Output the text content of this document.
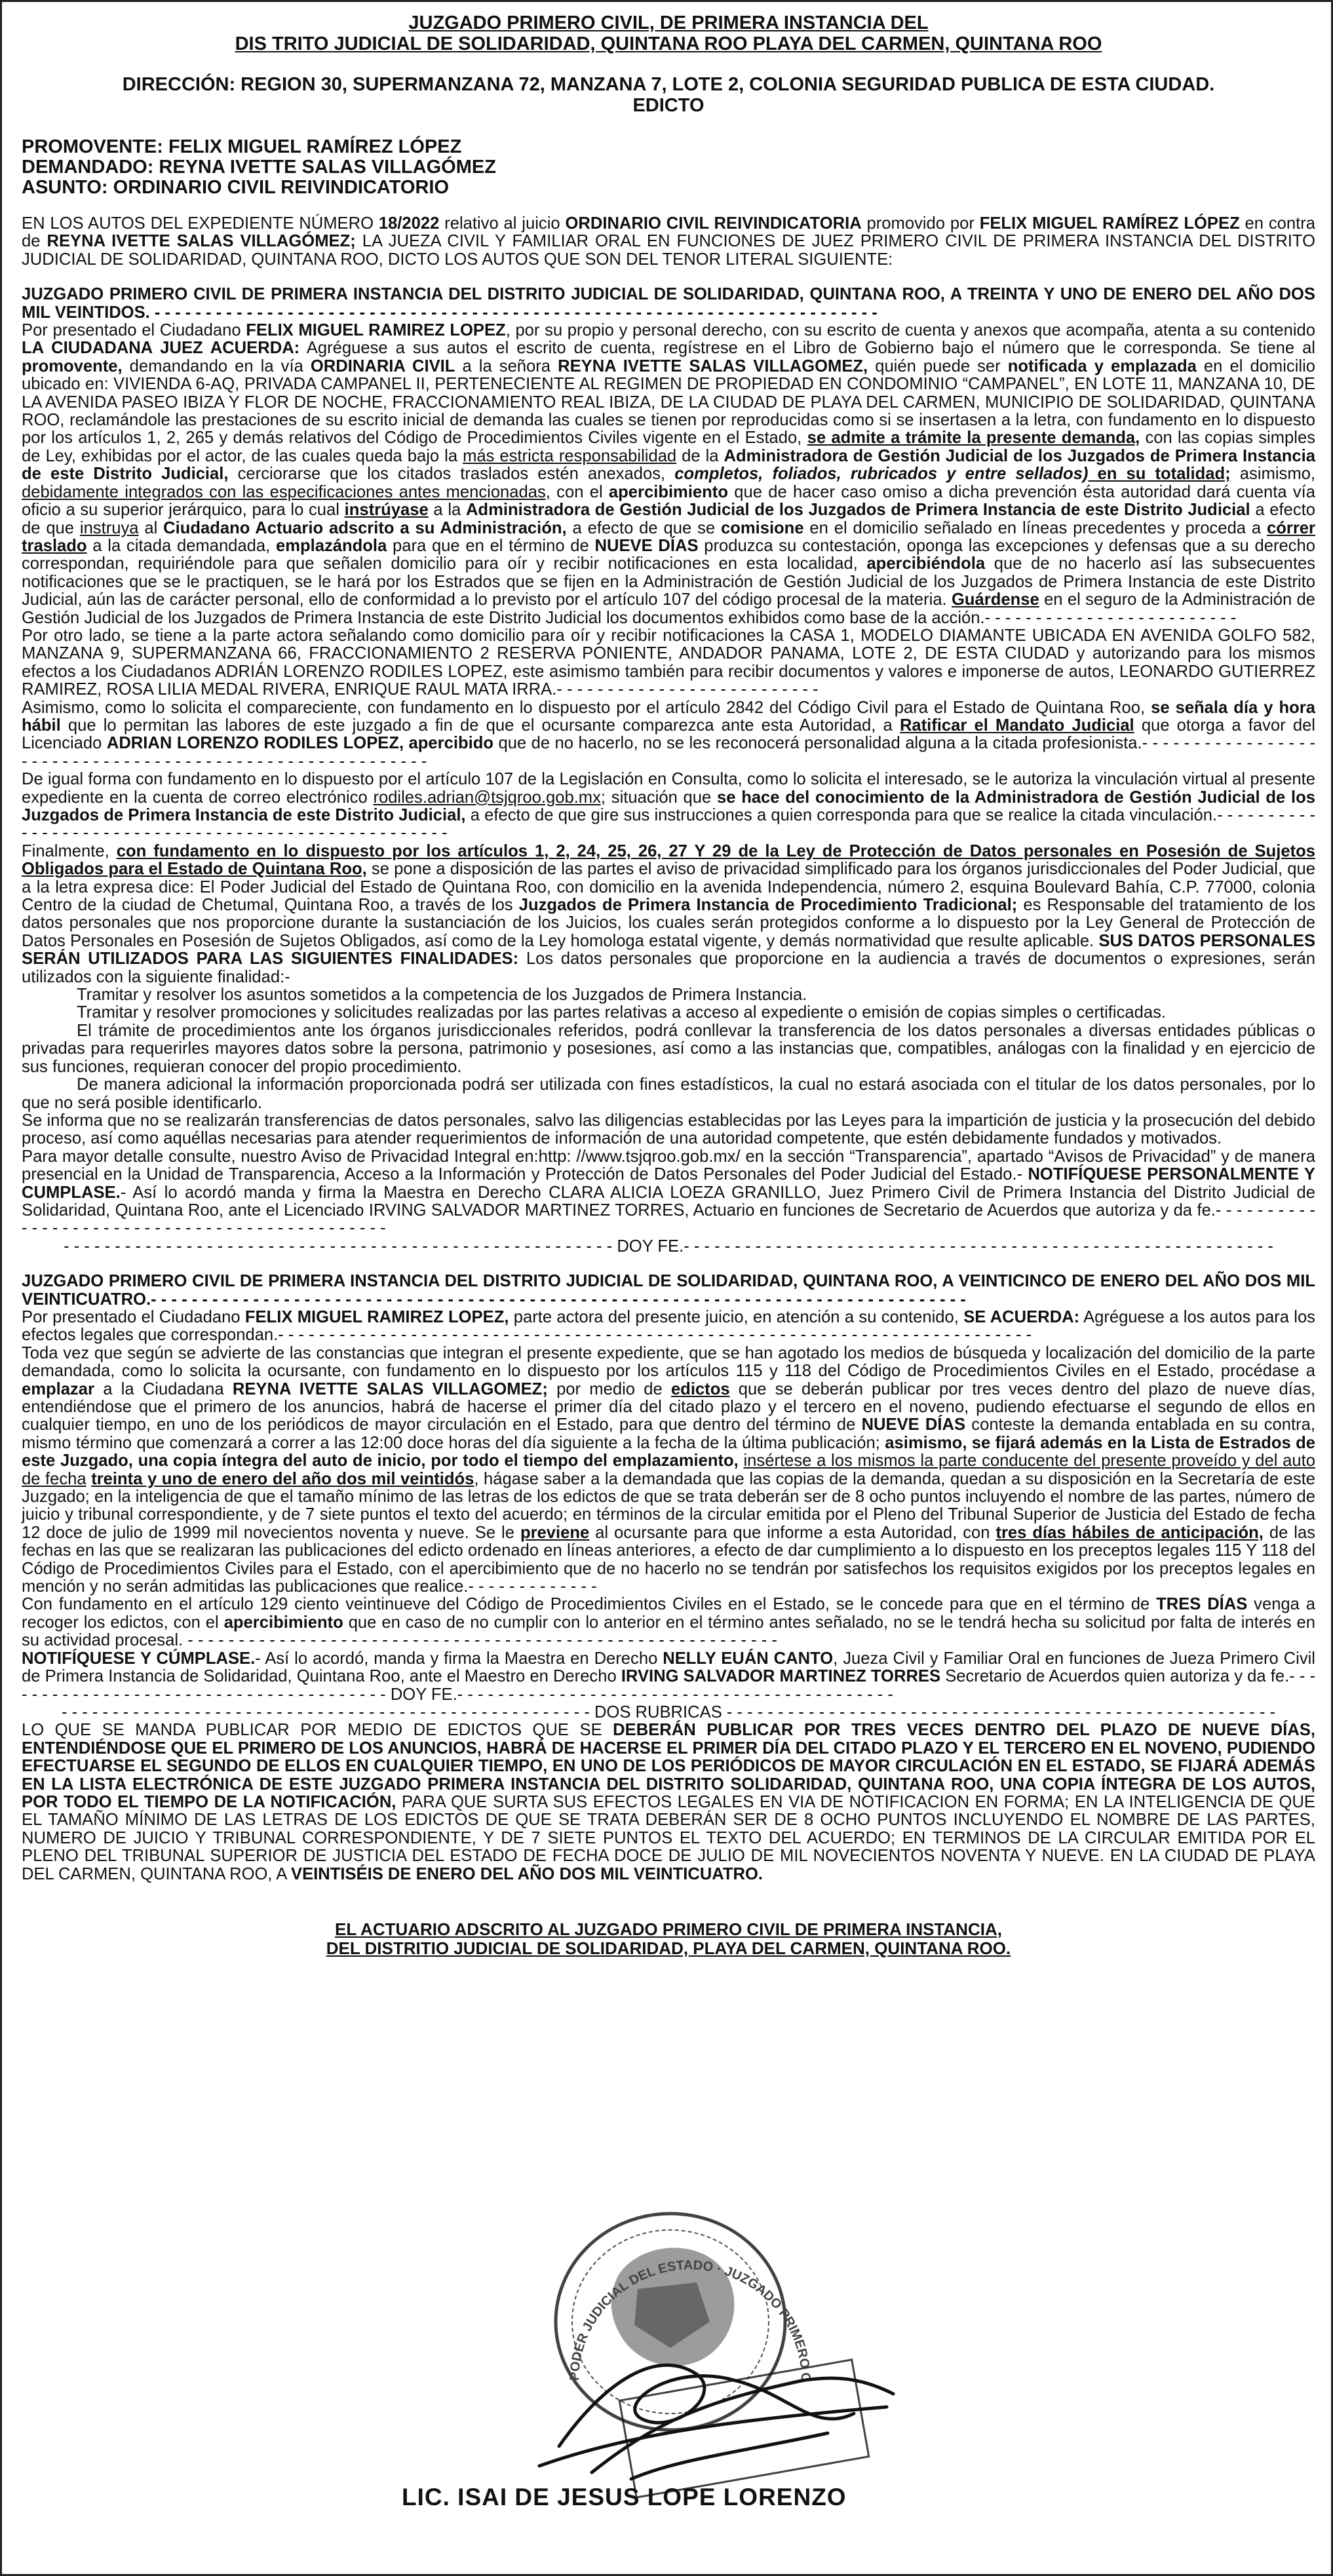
JUZGADO PRIMERO CIVIL, DE PRIMERA INSTANCIA DEL
DIS TRITO JUDICIAL DE SOLIDARIDAD, QUINTANA ROO PLAYA DEL CARMEN, QUINTANA ROO
DIRECCIÓN: REGION 30, SUPERMANZANA 72, MANZANA 7, LOTE 2, COLONIA SEGURIDAD PUBLICA DE ESTA CIUDAD.
EDICTO
PROMOVENTE: FELIX MIGUEL RAMÍREZ LÓPEZ
DEMANDADO: REYNA IVETTE SALAS VILLAGÓMEZ
ASUNTO: ORDINARIO CIVIL REIVINDICATORIO

EN LOS AUTOS DEL EXPEDIENTE NÚMERO 18/2022 relativo al juicio ORDINARIO CIVIL REIVINDICATORIA promovido por FELIX MIGUEL RAMÍREZ LÓPEZ en contra de REYNA IVETTE SALAS VILLAGÓMEZ; LA JUEZA CIVIL Y FAMILIAR ORAL EN FUNCIONES DE JUEZ PRIMERO CIVIL DE PRIMERA INSTANCIA DEL DISTRITO JUDICIAL DE SOLIDARIDAD, QUINTANA ROO, DICTO LOS AUTOS QUE SON DEL TENOR LITERAL SIGUIENTE:

JUZGADO PRIMERO CIVIL DE PRIMERA INSTANCIA DEL DISTRITO JUDICIAL DE SOLIDARIDAD, QUINTANA ROO, A TREINTA Y UNO DE ENERO DEL AÑO DOS MIL VEINTIDOS. - - - - - - - - - - - - - - - - - - - - - - - - - - - - - - - - - - - - - - - - - - - - - - - - - - - - - - - - - - - - - - - - - - - - - - -

Por presentado el Ciudadano FELIX MIGUEL RAMIREZ LOPEZ, por su propio y personal derecho, con su escrito de cuenta y anexos que acompaña, atenta a su contenido LA CIUDADANA JUEZ ACUERDA: Agréguese a sus autos el escrito de cuenta, regístrese en el Libro de Gobierno bajo el número que le corresponda. Se tiene al promovente, demandando en la vía ORDINARIA CIVIL a la señora REYNA IVETTE SALAS VILLAGOMEZ, quién puede ser notificada y emplazada en el domicilio ubicado en: VIVIENDA 6-AQ, PRIVADA CAMPANEL II, PERTENECIENTE AL REGIMEN DE PROPIEDAD EN CONDOMINIO “CAMPANEL”, EN LOTE 11, MANZANA 10, DE LA AVENIDA PASEO IBIZA Y FLOR DE NOCHE, FRACCIONAMIENTO REAL IBIZA, DE LA CIUDAD DE PLAYA DEL CARMEN, MUNICIPIO DE SOLIDARIDAD, QUINTANA ROO, reclamándole las prestaciones de su escrito inicial de demanda las cuales se tienen por reproducidas como si se insertasen a la letra, con fundamento en lo dispuesto por los artículos 1, 2, 265 y demás relativos del Código de Procedimientos Civiles vigente en el Estado, se admite a trámite la presente demanda, con las copias simples de Ley, exhibidas por el actor, de las cuales queda bajo la más estricta responsabilidad de la Administradora de Gestión Judicial de los Juzgados de Primera Instancia de este Distrito Judicial, cerciorarse que los citados traslados estén anexados, completos, foliados, rubricados y entre sellados) en su totalidad; asimismo, debidamente integrados con las especificaciones antes mencionadas, con el apercibimiento que de hacer caso omiso a dicha prevención ésta autoridad dará cuenta vía oficio a su superior jerárquico, para lo cual instrúyase a la Administradora de Gestión Judicial de los Juzgados de Primera Instancia de este Distrito Judicial a efecto de que instruya al Ciudadano Actuario adscrito a su Administración, a efecto de que se comisione en el domicilio señalado en líneas precedentes y proceda a córrer traslado a la citada demandada, emplazándola para que en el término de NUEVE DÍAS produzca su contestación, oponga las excepciones y defensas que a su derecho correspondan, requiriéndole para que señalen domicilio para oír y recibir notificaciones en esta localidad, apercibiéndola que de no hacerlo así las subsecuentes notificaciones que se le practiquen, se le hará por los Estrados que se fijen en la Administración de Gestión Judicial de los Juzgados de Primera Instancia de este Distrito Judicial, aún las de carácter personal, ello de conformidad a lo previsto por el artículo 107 del código procesal de la materia. Guárdense en el seguro de la Administración de Gestión Judicial de los Juzgados de Primera Instancia de este Distrito Judicial los documentos exhibidos como base de la acción.- - - - - - - - - - - - - - - - - - - - - - - - -

Por otro lado, se tiene a la parte actora señalando como domicilio para oír y recibir notificaciones la CASA 1, MODELO DIAMANTE UBICADA EN AVENIDA GOLFO 582, MANZANA 9, SUPERMANZANA 66, FRACCIONAMIENTO 2 RESERVA PONIENTE, ANDADOR PANAMA, LOTE 2, DE ESTA CIUDAD y autorizando para los mismos efectos a los Ciudadanos ADRIÁN LORENZO RODILES LOPEZ, este asimismo también para recibir documentos y valores e imponerse de autos, LEONARDO GUTIERREZ RAMIREZ, ROSA LILIA MEDAL RIVERA, ENRIQUE RAUL MATA IRRA.- - - - - - - - - - - - - - - - - - - - - - - - - -

Asimismo, como lo solicita el compareciente, con fundamento en lo dispuesto por el artículo 2842 del Código Civil para el Estado de Quintana Roo, se señala día y hora hábil que lo permitan las labores de este juzgado a fin de que el ocursante comparezca ante esta Autoridad, a Ratificar el Mandato Judicial que otorga a favor del Licenciado ADRIAN LORENZO RODILES LOPEZ, apercibido que de no hacerlo, no se les reconocerá personalidad alguna a la citada profesionista.- - - - - - - - - - - - - - - - - - - - - - - - - - - - - - - - - - - - - - - - - - - - - - - - - - - - - - - - -

De igual forma con fundamento en lo dispuesto por el artículo 107 de la Legislación en Consulta, como lo solicita el interesado, se le autoriza la vinculación virtual al presente expediente en la cuenta de correo electrónico rodiles.adrian@tsjqroo.gob.mx; situación que se hace del conocimiento de la Administradora de Gestión Judicial de los Juzgados de Primera Instancia de este Distrito Judicial, a efecto de que gire sus instrucciones a quien corresponda para que se realice la citada vinculación.- - - - - - - - - - - - - - - - - - - - - - - - - - - - - - - - - - - - - - - - - - - - - - - - - - - -

Finalmente, con fundamento en lo dispuesto por los artículos 1, 2, 24, 25, 26, 27 Y 29 de la Ley de Protección de Datos personales en Posesión de Sujetos Obligados para el Estado de Quintana Roo, se pone a disposición de las partes el aviso de privacidad simplificado para los órganos jurisdiccionales del Poder Judicial, que a la letra expresa dice: El Poder Judicial del Estado de Quintana Roo, con domicilio en la avenida Independencia, número 2, esquina Boulevard Bahía, C.P. 77000, colonia Centro de la ciudad de Chetumal, Quintana Roo, a través de los Juzgados de Primera Instancia de Procedimiento Tradicional; es Responsable del tratamiento de los datos personales que nos proporcione durante la sustanciación de los Juicios, los cuales serán protegidos conforme a lo dispuesto por la Ley General de Protección de Datos Personales en Posesión de Sujetos Obligados, así como de la Ley homologa estatal vigente, y demás normatividad que resulte aplicable. SUS DATOS PERSONALES SERÁN UTILIZADOS PARA LAS SIGUIENTES FINALIDADES: Los datos personales que proporcione en la audiencia a través de documentos o expresiones, serán utilizados con la siguiente finalidad:-

Tramitar y resolver los asuntos sometidos a la competencia de los Juzgados de Primera Instancia.

Tramitar y resolver promociones y solicitudes realizadas por las partes relativas a acceso al expediente o emisión de copias simples o certificadas.

El trámite de procedimientos ante los órganos jurisdiccionales referidos, podrá conllevar la transferencia de los datos personales a diversas entidades públicas o privadas para requerirles mayores datos sobre la persona, patrimonio y posesiones, así como a las instancias que, compatibles, análogas con la finalidad y en ejercicio de sus funciones, requieran conocer del propio procedimiento.

De manera adicional la información proporcionada podrá ser utilizada con fines estadísticos, la cual no estará asociada con el titular de los datos personales, por lo que no será posible identificarlo.

Se informa que no se realizarán transferencias de datos personales, salvo las diligencias establecidas por las Leyes para la impartición de justicia y la prosecución del debido proceso, así como aquéllas necesarias para atender requerimientos de información de una autoridad competente, que estén debidamente fundados y motivados.

Para mayor detalle consulte, nuestro Aviso de Privacidad Integral en:http: //www.tsjqroo.gob.mx/ en la sección “Transparencia”, apartado “Avisos de Privacidad” y de manera presencial en la Unidad de Transparencia, Acceso a la Información y Protección de Datos Personales del Poder Judicial del Estado.- NOTIFÍQUESE PERSONALMENTE Y CUMPLASE.- Así lo acordó manda y firma la Maestra en Derecho CLARA ALICIA LOEZA GRANILLO, Juez Primero Civil de Primera Instancia del Distrito Judicial de Solidaridad, Quintana Roo, ante el Licenciado IRVING SALVADOR MARTINEZ TORRES, Actuario en funciones de Secretario de Acuerdos que autoriza y da fe.- - - - - - - - - - - - - - - - - - - - - - - - - - - - - - - - - - - - - - - - - - - - - -

- - - - - - - - - - - - - - - - - - - - - - - - - - - - - - - - - - - - - - - - - - - - - - - - - - - - - - DOY FE.- - - - - - - - - - - - - - - - - - - - - - - - - - - - - - - - - - - - - - - - - - - - - - - - - - - - - - - - - -

JUZGADO PRIMERO CIVIL DE PRIMERA INSTANCIA DEL DISTRITO JUDICIAL DE SOLIDARIDAD, QUINTANA ROO, A VEINTICINCO DE ENERO DEL AÑO DOS MIL VEINTICUATRO.- - - - - - - - - - - - - - - - - - - - - - - - - - - - - - - - - - - - - - - - - - - - - - - - - - - - - - - - - - - - - - - - - - - - - - - - - - - - - - - -

Por presentado el Ciudadano FELIX MIGUEL RAMIREZ LOPEZ, parte actora del presente juicio, en atención a su contenido, SE ACUERDA: Agréguese a los autos para los efectos legales que correspondan.- - - - - - - - - - - - - - - - - - - - - - - - - - - - - - - - - - - - - - - - - - - - - - - - - - - - - - - - - - - - - - - - - - - - - - - - - -

Toda vez que según se advierte de las constancias que integran el presente expediente, que se han agotado los medios de búsqueda y localización del domicilio de la parte demandada, como lo solicita la ocursante, con fundamento en lo dispuesto por los artículos 115 y 118 del Código de Procedimientos Civiles en el Estado, procédase a emplazar a la Ciudadana REYNA IVETTE SALAS VILLAGOMEZ; por medio de edictos que se deberán publicar por tres veces dentro del plazo de nueve días, entendiéndose que el primero de los anuncios, habrá de hacerse el primer día del citado plazo y el tercero en el noveno, pudiendo efectuarse el segundo de ellos en cualquier tiempo, en uno de los periódicos de mayor circulación en el Estado, para que dentro del término de NUEVE DÍAS conteste la demanda entablada en su contra, mismo término que comenzará a correr a las 12:00 doce horas del día siguiente a la fecha de la última publicación; asimismo, se fijará además en la Lista de Estrados de este Juzgado, una copia íntegra del auto de inicio, por todo el tiempo del emplazamiento, insértese a los mismos la parte conducente del presente proveído y del auto de fecha treinta y uno de enero del año dos mil veintidós, hágase saber a la demandada que las copias de la demanda, quedan a su disposición en la Secretaría de este Juzgado; en la inteligencia de que el tamaño mínimo de las letras de los edictos de que se trata deberán ser de 8 ocho puntos incluyendo el nombre de las partes, número de juicio y tribunal correspondiente, y de 7 siete puntos el texto del acuerdo; en términos de la circular emitida por el Pleno del Tribunal Superior de Justicia del Estado de fecha 12 doce de julio de 1999 mil novecientos noventa y nueve. Se le previene al ocursante para que informe a esta Autoridad, con tres días hábiles de anticipación, de las fechas en las que se realizaran las publicaciones del edicto ordenado en líneas anteriores, a efecto de dar cumplimiento a lo dispuesto en los preceptos legales 115 Y 118 del Código de Procedimientos Civiles para el Estado, con el apercibimiento que de no hacerlo no se tendrán por satisfechos los requisitos exigidos por los preceptos legales en mención y no serán admitidas las publicaciones que realice.- - - - - - - - - - - - -

Con fundamento en el artículo 129 ciento veintinueve del Código de Procedimientos Civiles en el Estado, se le concede para que en el término de TRES DÍAS venga a recoger los edictos, con el apercibimiento que en caso de no cumplir con lo anterior en el término antes señalado, no se le tendrá hecha su solicitud por falta de interés en su actividad procesal. - - - - - - - - - - - - - - - - - - - - - - - - - - - - - - - - - - - - - - - - - - - - - - - - - - - - - - - - - -

NOTIFÍQUESE Y CÚMPLASE.- Así lo acordó, manda y firma la Maestra en Derecho NELLY EUÁN CANTO, Jueza Civil y Familiar Oral en funciones de Jueza Primero Civil de Primera Instancia de Solidaridad, Quintana Roo, ante el Maestro en Derecho IRVING SALVADOR MARTINEZ TORRES Secretario de Acuerdos quien autoriza y da fe.- - - - - - - - - - - - - - - - - - - - - - - - - - - - - - - - - - - - - - - DOY FE.- - - - - - - - - - - - - - - - - - - - - - - - - - - - - - - - - - - - - - - - - - -

- - - - - - - - - - - - - - - - - - - - - - - - - - - - - - - - - - - - - - - - - - - - - - - - - - - - DOS RUBRICAS - - - - - - - - - - - - - - - - - - - - - - - - - - - - - - - - - - - - - - - - - - - - - - - - - - - - - -

LO QUE SE MANDA PUBLICAR POR MEDIO DE EDICTOS QUE SE DEBERÁN PUBLICAR POR TRES VECES DENTRO DEL PLAZO DE NUEVE DÍAS, ENTENDIÉNDOSE QUE EL PRIMERO DE LOS ANUNCIOS, HABRÁ DE HACERSE EL PRIMER DÍA DEL CITADO PLAZO Y EL TERCERO EN EL NOVENO, PUDIENDO EFECTUARSE EL SEGUNDO DE ELLOS EN CUALQUIER TIEMPO, EN UNO DE LOS PERIÓDICOS DE MAYOR CIRCULACIÓN EN EL ESTADO, SE FIJARÁ ADEMÁS EN LA LISTA ELECTRÓNICA DE ESTE JUZGADO PRIMERA INSTANCIA DEL DISTRITO SOLIDARIDAD, QUINTANA ROO, UNA COPIA ÍNTEGRA DE LOS AUTOS, POR TODO EL TIEMPO DE LA NOTIFICACIÓN, PARA QUE SURTA SUS EFECTOS LEGALES EN VIA DE NOTIFICACION EN FORMA; EN LA INTELIGENCIA DE QUE EL TAMAÑO MÍNIMO DE LAS LETRAS DE LOS EDICTOS DE QUE SE TRATA DEBERÁN SER DE 8 OCHO PUNTOS INCLUYENDO EL NOMBRE DE LAS PARTES, NUMERO DE JUICIO Y TRIBUNAL CORRESPONDIENTE, Y DE 7 SIETE PUNTOS EL TEXTO DEL ACUERDO; EN TERMINOS DE LA CIRCULAR EMITIDA POR EL PLENO DEL TRIBUNAL SUPERIOR DE JUSTICIA DEL ESTADO DE FECHA DOCE DE JULIO DE MIL NOVECIENTOS NOVENTA Y NUEVE. EN LA CIUDAD DE PLAYA DEL CARMEN, QUINTANA ROO, A VEINTISÉIS DE ENERO DEL AÑO DOS MIL VEINTICUATRO.

EL ACTUARIO ADSCRITO AL JUZGADO PRIMERO CIVIL DE PRIMERA INSTANCIA,
DEL DISTRITIO JUDICIAL DE SOLIDARIDAD, PLAYA DEL CARMEN, QUINTANA ROO.
PODER JUDICIAL DEL ESTADO · JUZGADO PRIMERO C
LIC. ISAI DE JESUS LOPE LORENZO
